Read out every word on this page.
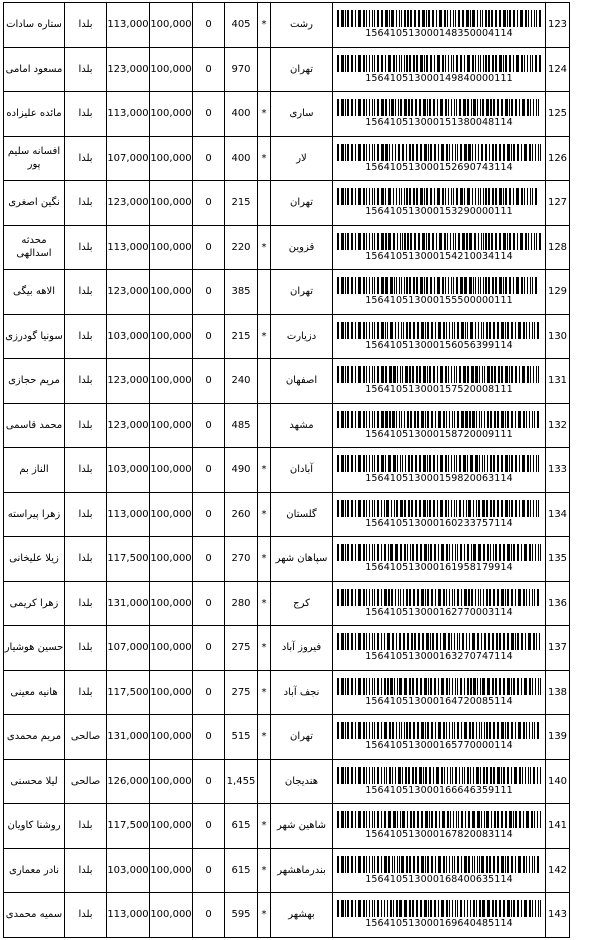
ستاره سادات	بلدا	113,000	100,000	0	405	*	رشت	156410513000148350004114	123
مسعود امامی	بلدا	123,000	100,000	0	970		تهران	156410513000149840000111	124
مائده علیزاده	بلدا	113,000	100,000	0	400	*	ساری	156410513000151380048114	125
افسانه سلیم پور	بلدا	107,000	100,000	0	400	*	لار	156410513000152690743114	126
نگین اصغری	بلدا	123,000	100,000	0	215		تهران	156410513000153290000111	127
محدثه اسدالهی	بلدا	113,000	100,000	0	220	*	قزوین	156410513000154210034114	128
الاهه بیگی	بلدا	123,000	100,000	0	385		تهران	156410513000155500000111	129
سونیا گودرزی	بلدا	103,000	100,000	0	215	*	دزیارت	156410513000156056399114	130
مریم حجازی	بلدا	123,000	100,000	0	240		اصفهان	156410513000157520008111	131
محمد قاسمی	بلدا	123,000	100,000	0	485		مشهد	156410513000158720009111	132
الناز بم	بلدا	103,000	100,000	0	490	*	آبادان	156410513000159820063114	133
زهرا پیراسته	بلدا	113,000	100,000	0	260	*	گلستان	156410513000160233757114	134
زیلا علیخانی	بلدا	117,500	100,000	0	270	*	سپاهان شهر	156410513000161958179914	135
زهرا کریمی	بلدا	131,000	100,000	0	280	*	کرج	156410513000162770003114	136
حسین هوشیار	بلدا	107,000	100,000	0	275	*	فیروز آباد	156410513000163270747114	137
هانیه معینی	بلدا	117,500	100,000	0	275	*	نجف آباد	156410513000164720085114	138
مریم محمدی	صالحی	131,000	100,000	0	515	*	تهران	156410513000165770000114	139
لیلا محسنی	صالحی	126,000	100,000	0	1,455		هندیجان	156410513000166646359111	140
روشنا کاویان	بلدا	117,500	100,000	0	615	*	شاهین شهر	156410513000167820083114	141
نادر معماری	بلدا	103,000	100,000	0	615	*	بندرماهشهر	156410513000168400635114	142
سمیه محمدی	بلدا	113,000	100,000	0	595	*	بهشهر	156410513000169640485114	143
